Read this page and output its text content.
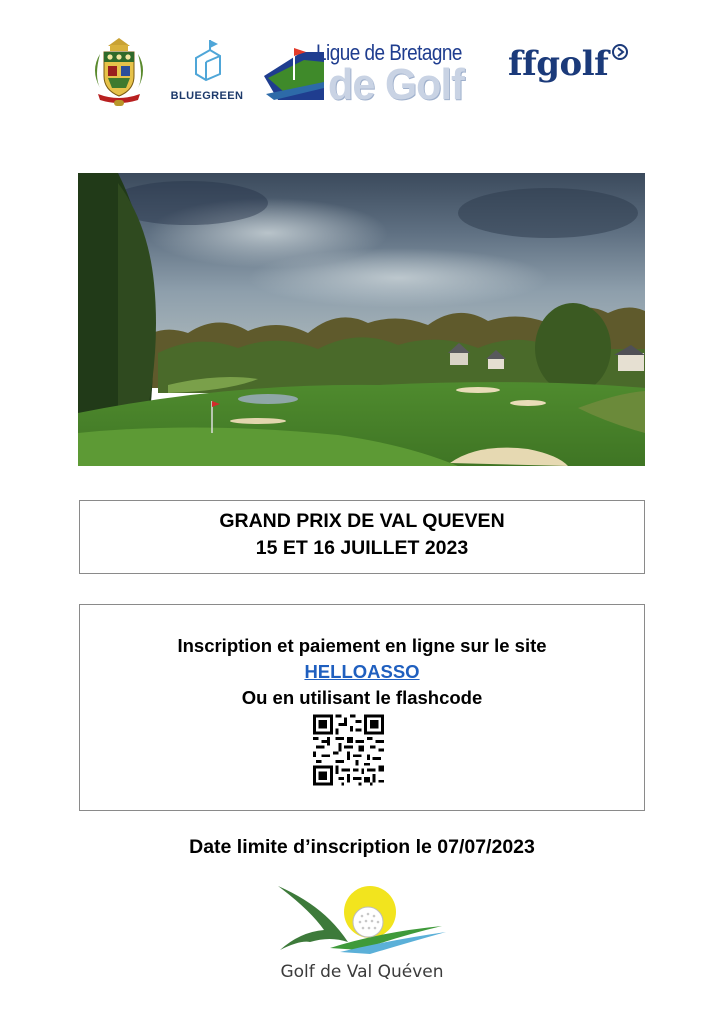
BLUEGREEN
Ligue de Bretagne
de Golf ffgolf
GRAND PRIX DE VAL QUEVEN
15 ET 16 JUILLET 2023
Inscription et paiement en ligne sur le site
HELLOASSO
Ou en utilisant le flashcode
Date limite d’inscription le 07/07/2023
Golf de Val Quéven
